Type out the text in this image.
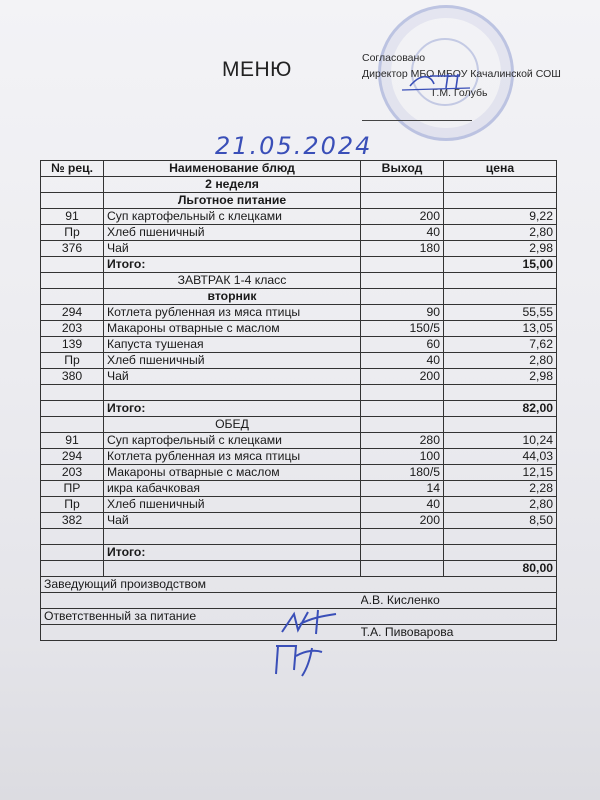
МЕНЮ	Согласовано
Директор МБО МБОУ Качалинской СОШ
Г.М. Голубь
21.05.2024
№ рец.	Наименование блюд	Выход	цена
	2 неделя		
	Льготное питание		
91	Суп картофельный с клецками	200	9,22
Пр	Хлеб пшеничный	40	2,80
376	Чай	180	2,98
	Итого:		15,00
	ЗАВТРАК 1-4 класс		
	вторник		
294	Котлета рубленная из мяса птицы	90	55,55
203	Макароны отварные с маслом	150/5	13,05
139	Капуста тушеная	60	7,62
Пр	Хлеб пшеничный	40	2,80
380	Чай	200	2,98

	Итого:		82,00
	ОБЕД		
91	Суп картофельный с клецками	280	10,24
294	Котлета рубленная из мяса птицы	100	44,03
203	Макароны отварные с маслом	180/5	12,15
ПР	икра кабачковая	14	2,28
Пр	Хлеб пшеничный	40	2,80
382	Чай	200	8,50

	Итого:		
			80,00
Заведующий производством			
		А.В. Кисленко	
Ответственный за питание			
		Т.А. Пивоварова	
